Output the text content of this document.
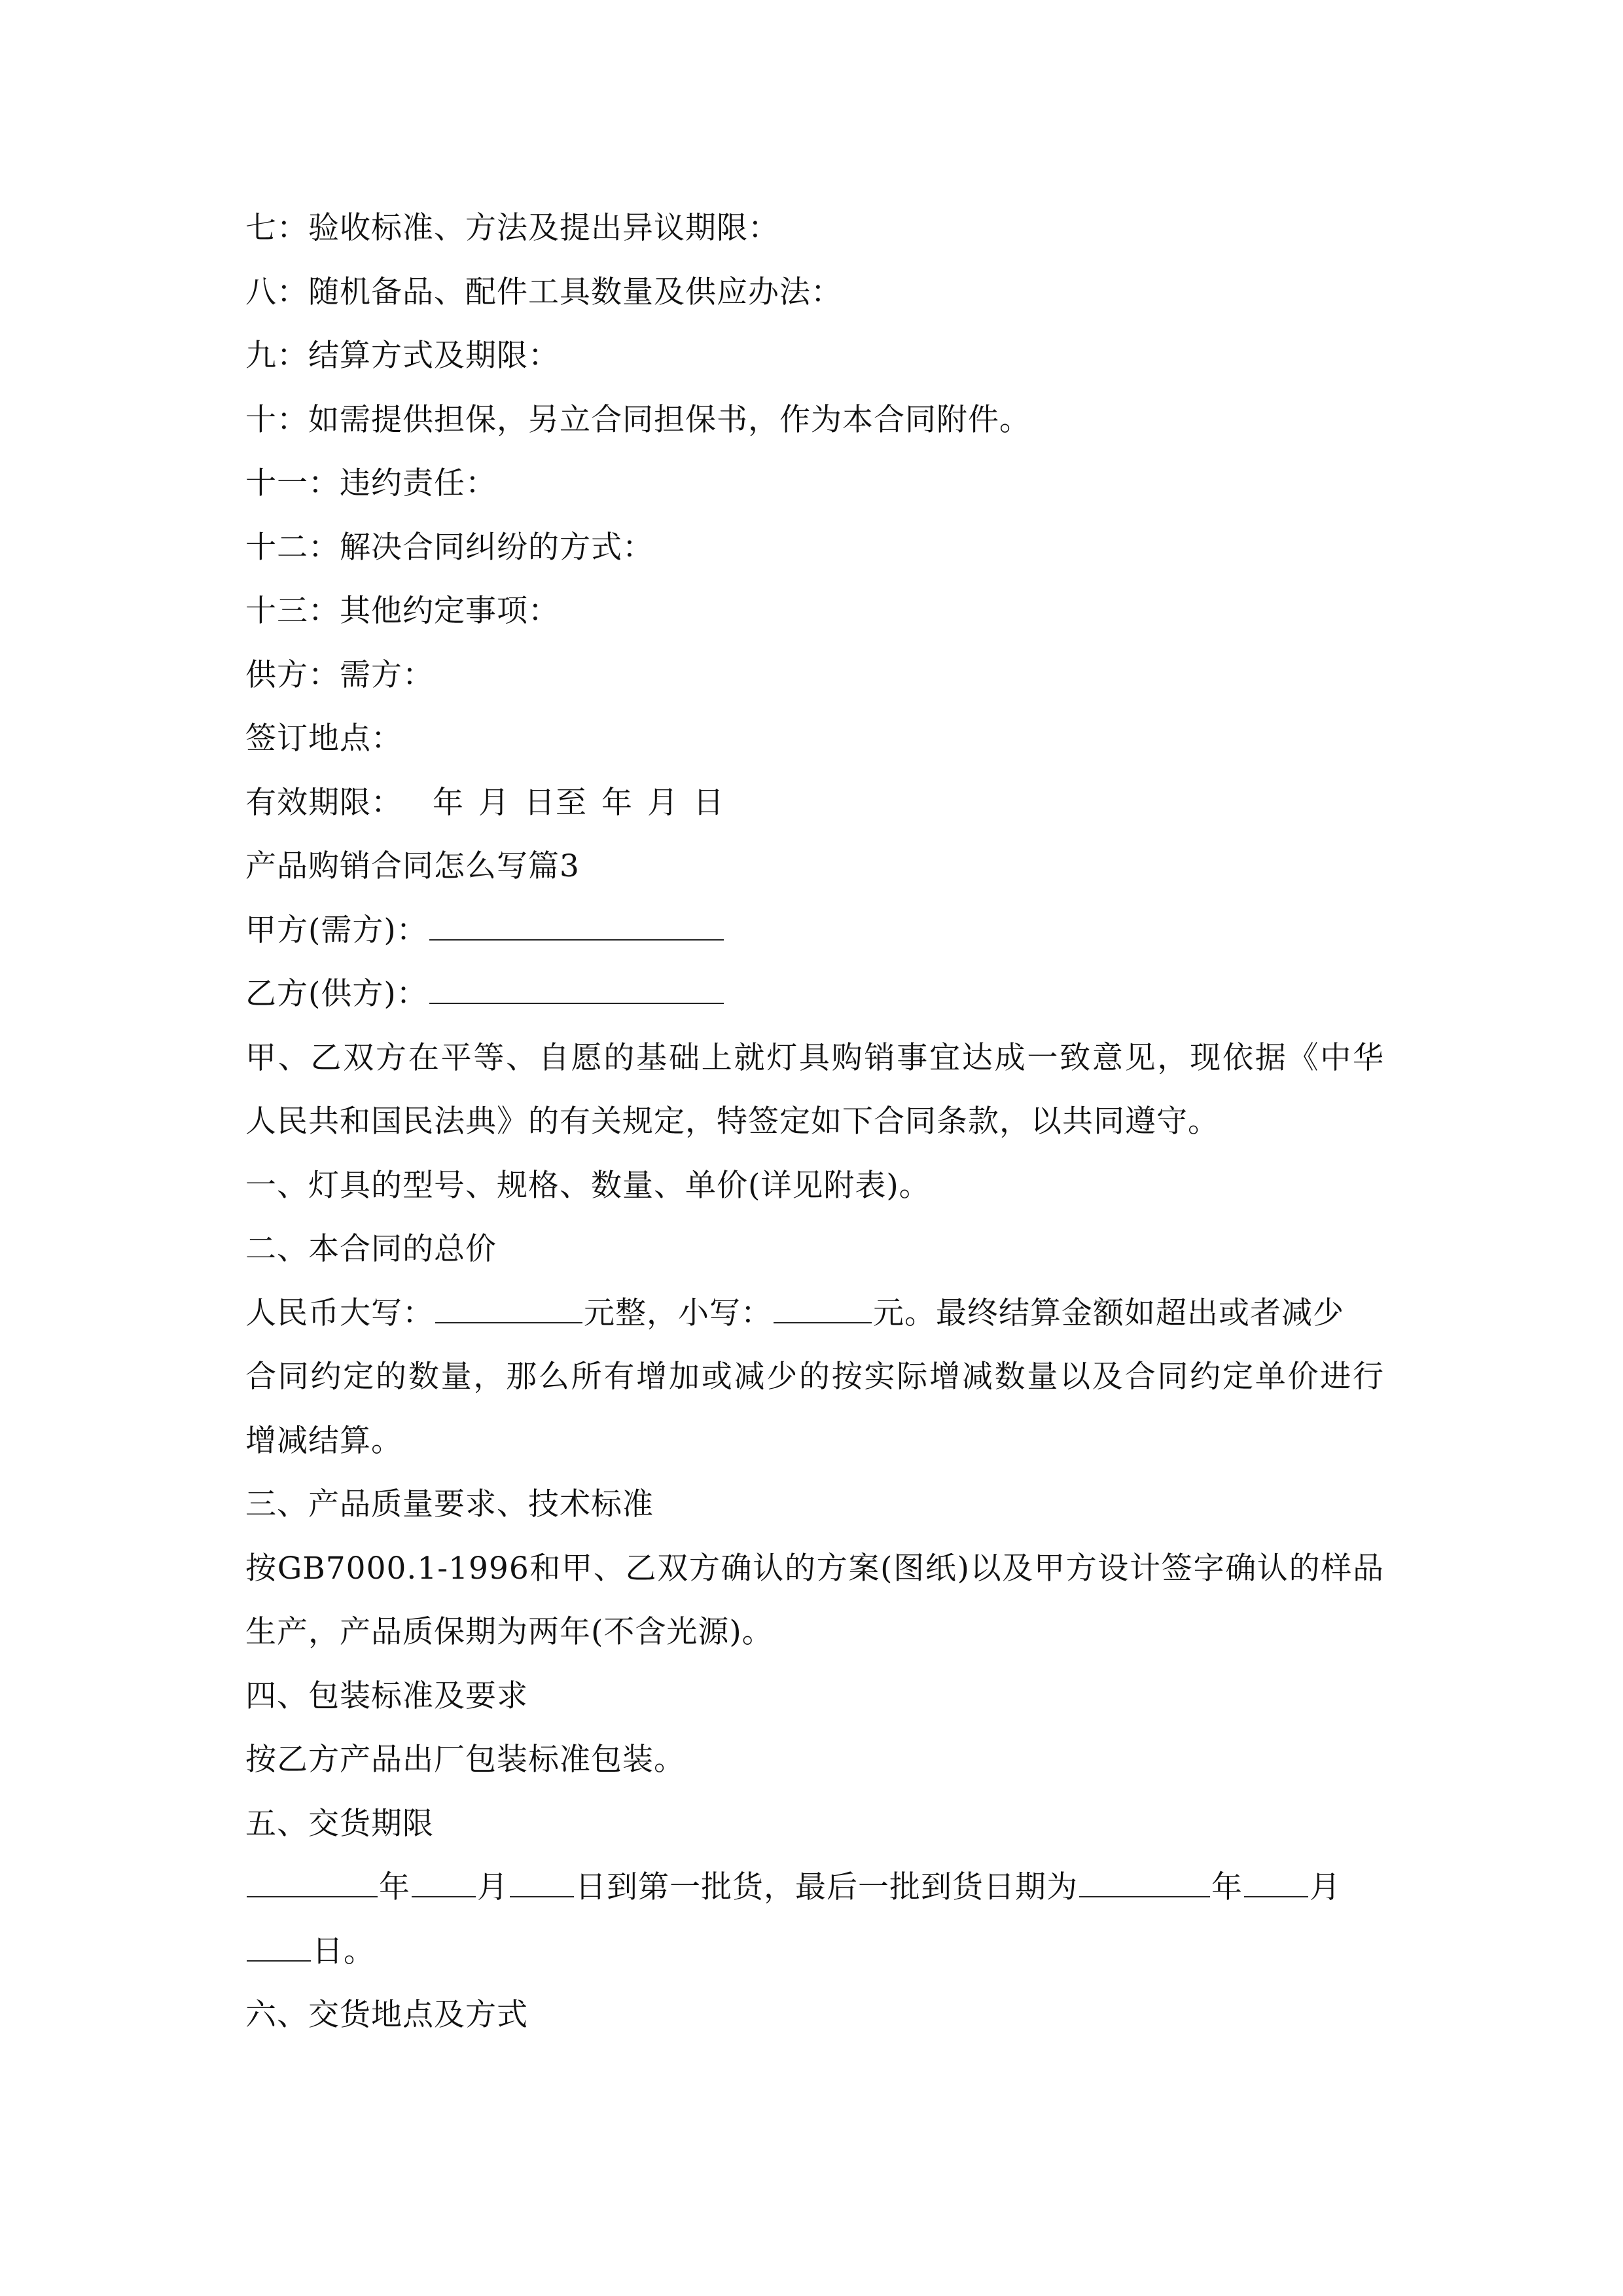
七：验收标准、方法及提出异议期限：
八：随机备品、配件工具数量及供应办法：
九：结算方式及期限：
十：如需提供担保，另立合同担保书，作为本合同附件。
十一：违约责任：
十二：解决合同纠纷的方式：
十三：其他约定事项：
供方：需方：
签订地点：
有效期限： 年 月 日至 年 月 日
产品购销合同怎么写篇3
甲方(需方)：
乙方(供方)：
甲、乙双方在平等、自愿的基础上就灯具购销事宜达成一致意见，现依据《中华
人民共和国民法典》的有关规定，特签定如下合同条款，以共同遵守。
一、灯具的型号、规格、数量、单价(详见附表)。
二、本合同的总价
人民币大写：	元整，小写：	元。最终结算金额如超出或者减少
合同约定的数量，那么所有增加或减少的按实际增减数量以及合同约定单价进行
增减结算。
三、产品质量要求、技术标准
按GB7000.1-1996和甲、乙双方确认的方案(图纸)以及甲方设计签字确认的样品
生产，产品质保期为两年(不含光源)。
四、包装标准及要求
按乙方产品出厂包装标准包装。
五、交货期限
年 月 日到第一批货，最后一批到货日期为	年 月
日。
六、交货地点及方式
